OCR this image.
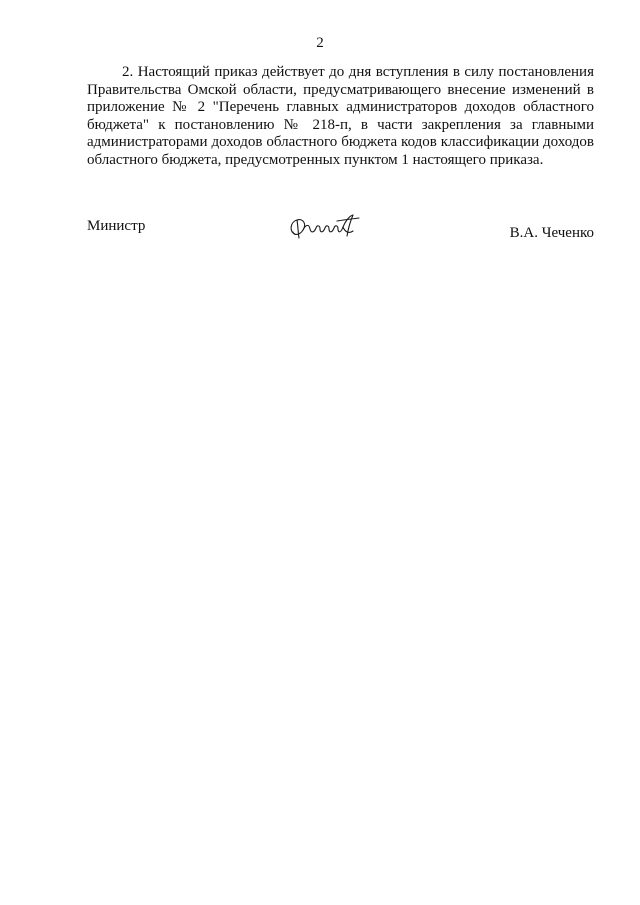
2

2. Настоящий приказ действует до дня вступления в силу постановления Правительства Омской области, предусматривающего внесение изменений в приложение № 2 "Перечень главных администраторов доходов областного бюджета" к постановлению № 218-п, в части закрепления за главными администраторами доходов областного бюджета кодов классификации доходов областного бюджета, предусмотренных пунктом 1 настоящего приказа.

Министр	В.А. Чеченко
